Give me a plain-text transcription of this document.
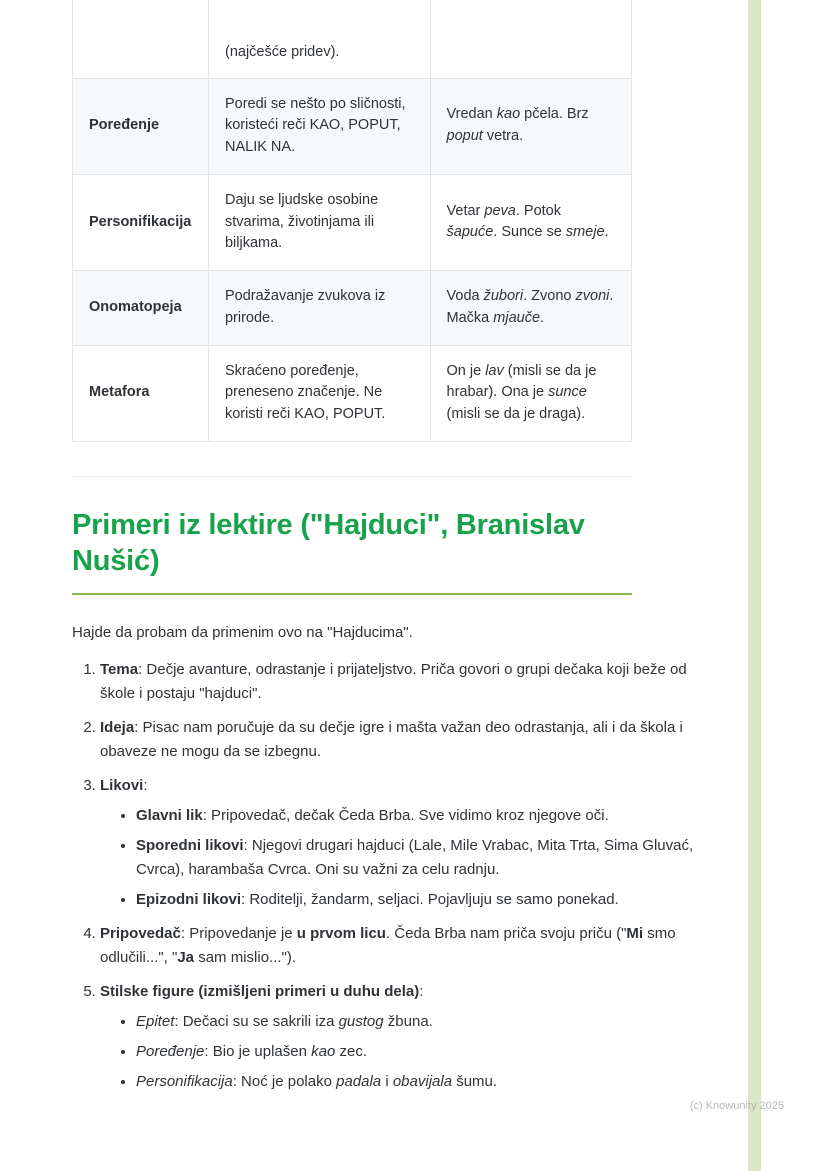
	(najčešće pridev).	
Poređenje	Poredi se nešto po sličnosti, koristeći reči KAO, POPUT, NALIK NA.	Vredan kao pčela. Brz poput vetra.
Personifikacija	Daju se ljudske osobine stvarima, životinjama ili biljkama.	Vetar peva. Potok šapuće. Sunce se smeje.
Onomatopeja	Podražavanje zvukova iz prirode.	Voda žubori. Zvono zvoni. Mačka mjauče.
Metafora	Skraćeno poređenje, preneseno značenje. Ne koristi reči KAO, POPUT.	On je lav (misli se da je hrabar). Ona je sunce (misli se da je draga).
Primeri iz lektire ("Hajduci", Branislav Nušić)

Hajde da probam da primenim ovo na "Hajducima".

1. Tema: Dečje avanture, odrastanje i prijateljstvo. Priča govori o grupi dečaka koji beže od škole i postaju "hajduci".
2. Ideja: Pisac nam poručuje da su dečje igre i mašta važan deo odrastanja, ali i da škola i obaveze ne mogu da se izbegnu.
3. Likovi:
• Glavni lik: Pripovedač, dečak Čeda Brba. Sve vidimo kroz njegove oči.
• Sporedni likovi: Njegovi drugari hajduci (Lale, Mile Vrabac, Mita Trta, Sima Gluvać, Cvrca), harambaša Cvrca. Oni su važni za celu radnju.
• Epizodni likovi: Roditelji, žandarm, seljaci. Pojavljuju se samo ponekad.
4. Pripovedač: Pripovedanje je u prvom licu. Čeda Brba nam priča svoju priču ("Mi smo odlučili...", "Ja sam mislio...").
5. Stilske figure (izmišljeni primeri u duhu dela):
• Epitet: Dečaci su se sakrili iza gustog žbuna.
• Poređenje: Bio je uplašen kao zec.
• Personifikacija: Noć je polako padala i obavijala šumu.
(c) Knowunity 2025
